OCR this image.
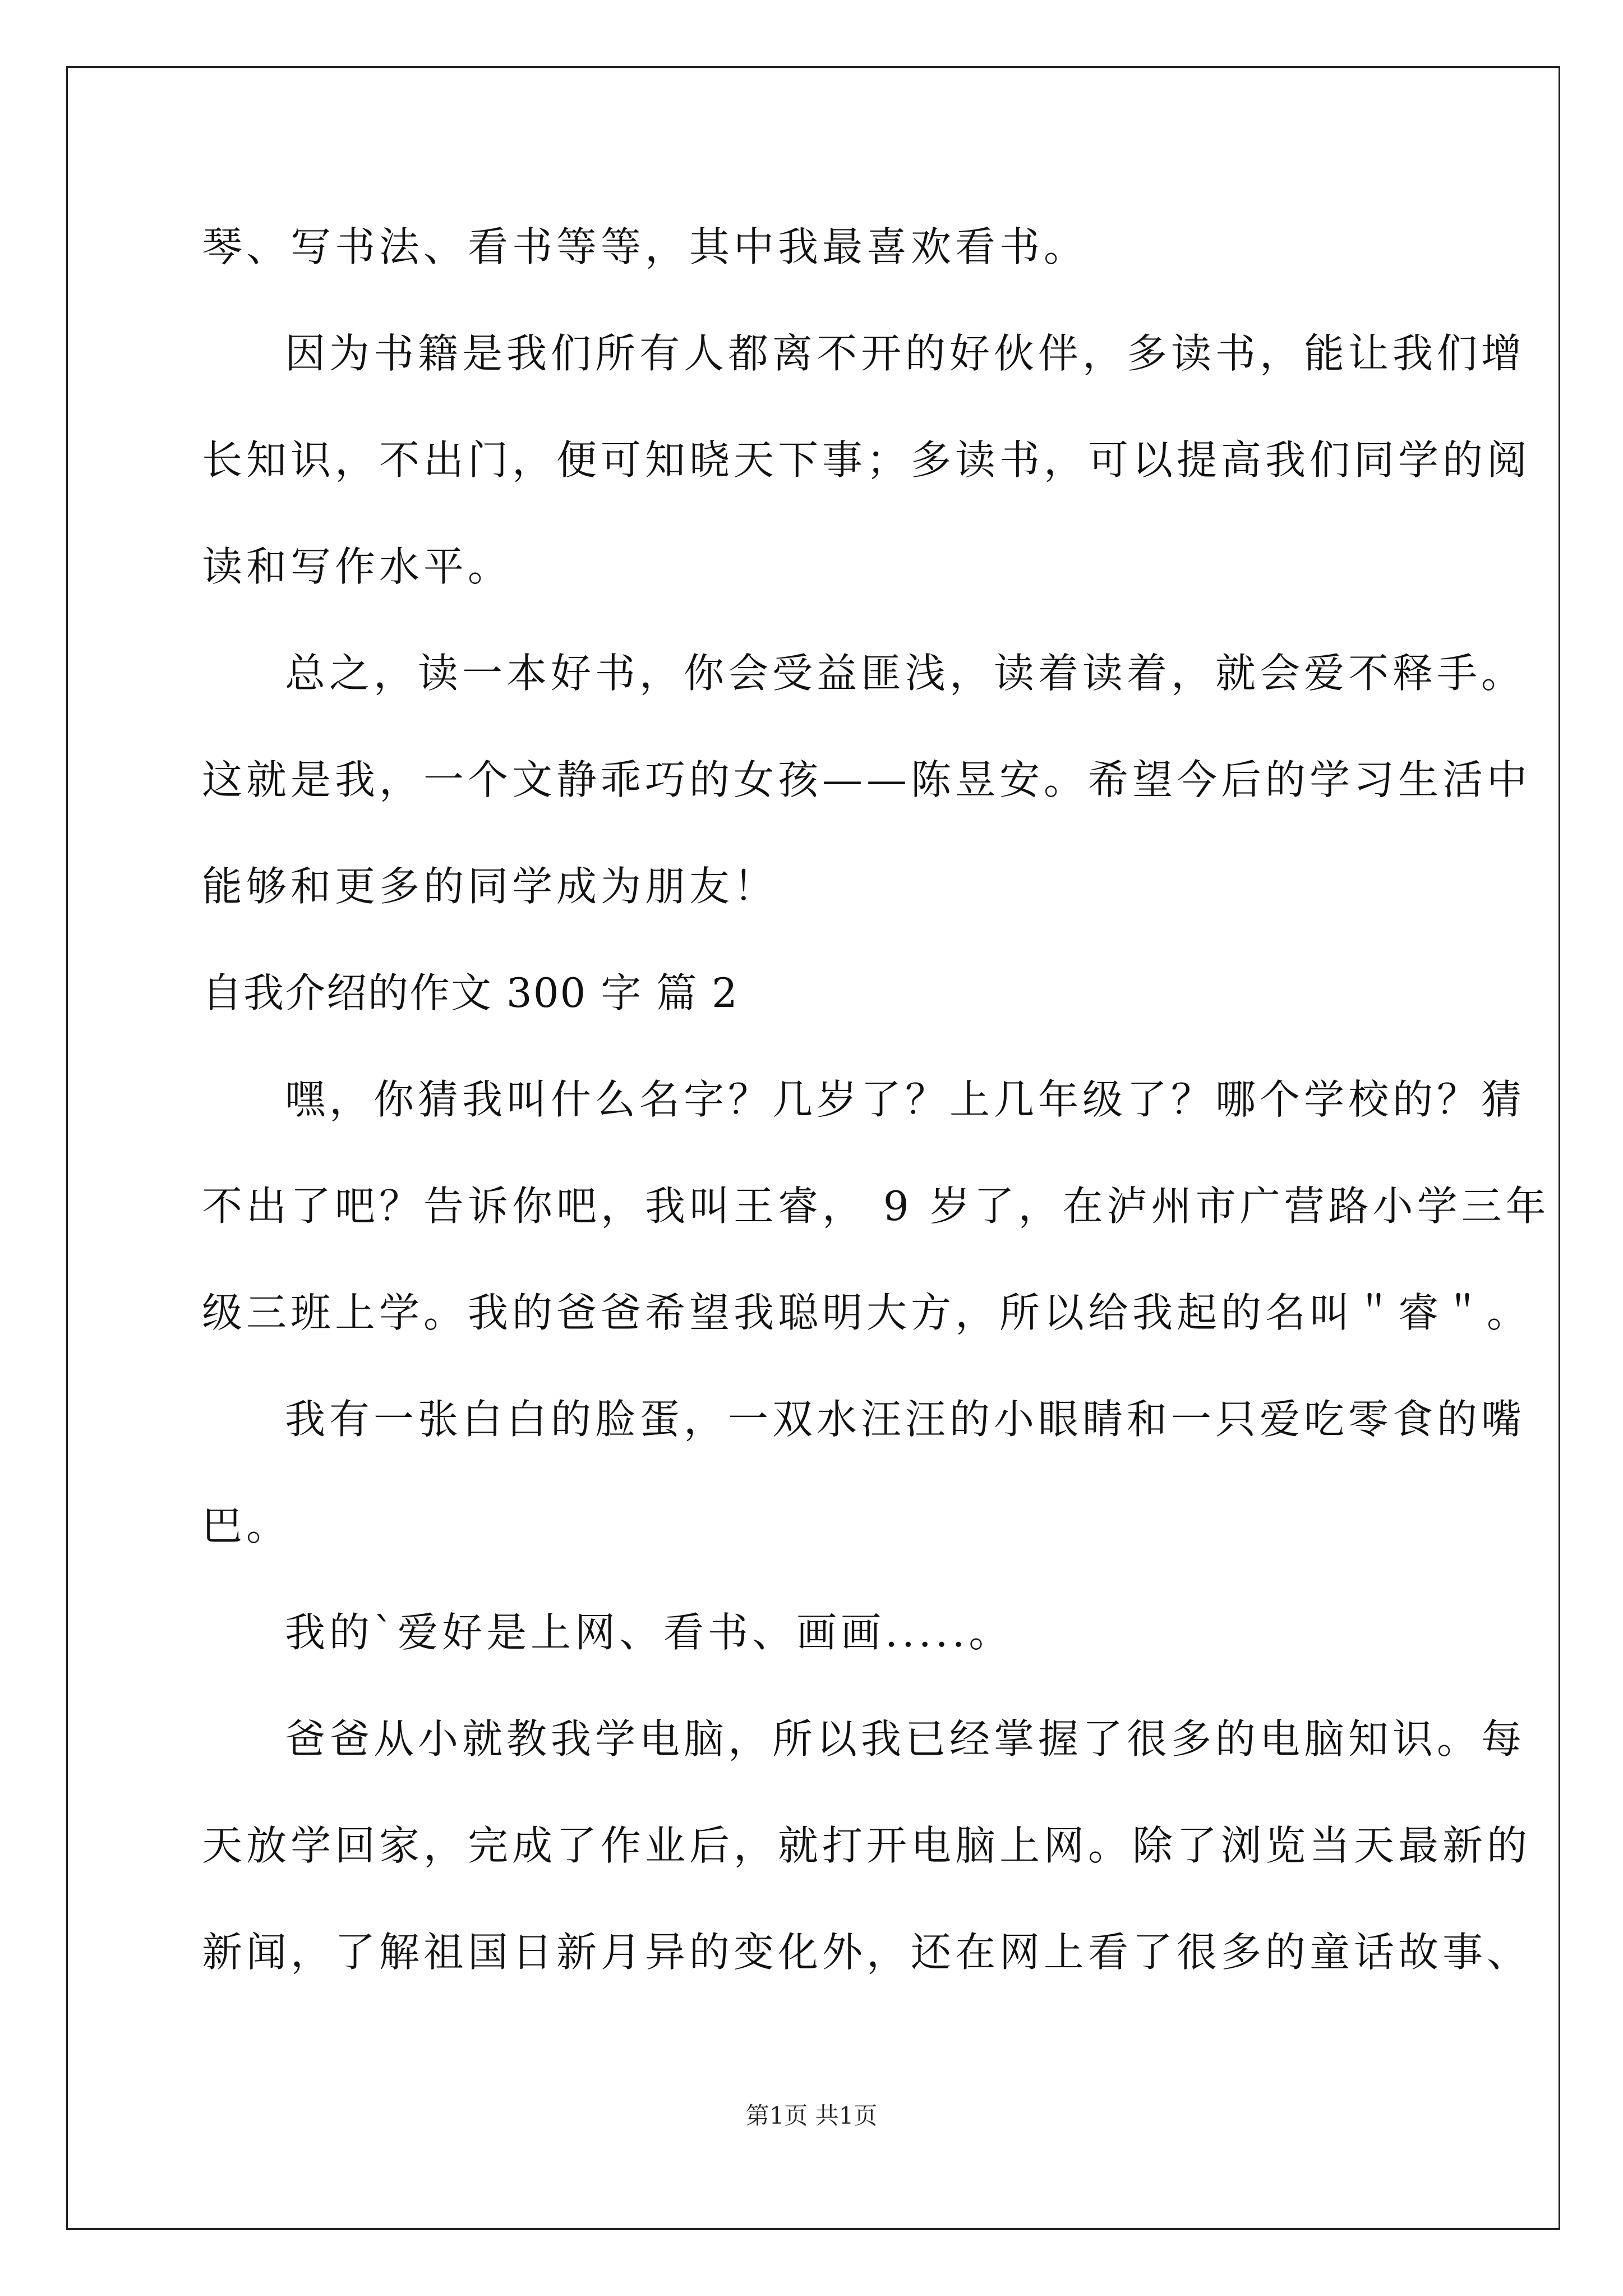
琴、写书法、看书等等，其中我最喜欢看书。
因为书籍是我们所有人都离不开的好伙伴，多读书，能让我们增
长知识，不出门，便可知晓天下事；多读书，可以提高我们同学的阅
读和写作水平。
总之，读一本好书，你会受益匪浅，读着读着，就会爱不释手。
这就是我，一个文静乖巧的女孩——陈昱安。希望今后的学习生活中
能够和更多的同学成为朋友！
自我介绍的作文 300 字 篇 2
嘿，你猜我叫什么名字？几岁了？上几年级了？哪个学校的？猜
不出了吧？告诉你吧，我叫王睿， 9 岁了，在泸州市广营路小学三年
级三班上学。我的爸爸希望我聪明大方，所以给我起的名叫＂睿＂。
我有一张白白的脸蛋，一双水汪汪的小眼睛和一只爱吃零食的嘴
巴。
我的`爱好是上网、看书、画画.....。
爸爸从小就教我学电脑，所以我已经掌握了很多的电脑知识。每
天放学回家，完成了作业后，就打开电脑上网。除了浏览当天最新的
新闻，了解祖国日新月异的变化外，还在网上看了很多的童话故事、
第1页 共1页
